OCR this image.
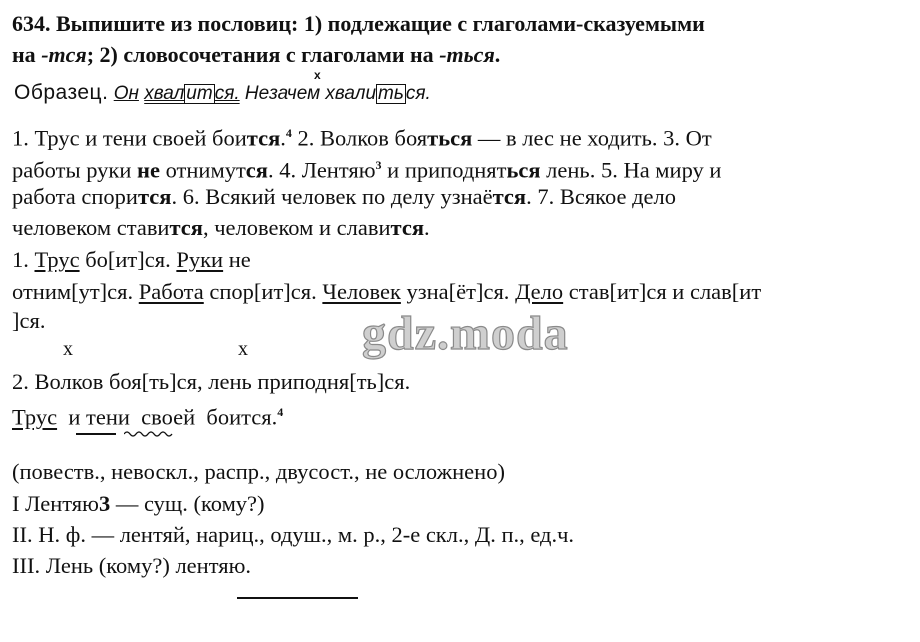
634. Выпишите из пословиц: 1) подлежащие с глаголами-сказуемыми
на -тся; 2) словосочетания с глаголами на -ться.
x
Образец. Он хвал ит ся. Незачем хвали ть ся.
1. Трус и тени своей боится.$^4$ 2. Волков бояться — в лес не ходить. 3. От
работы руки не отнимутся. 4. Лентяю$^3$ и приподняться лень. 5. На миру и
работа спорится. 6. Всякий человек по делу узнаётся. 7. Всякое дело
человеком ставится, человеком и славится.
1. Трус бо[ит]ся. Руки не
отним[ут]ся. Работа спор[ит]ся. Человек узна[ёт]ся. Дело став[ит]ся и слав[ит
]ся.	gdz.moda
x	x
2. Волков боя[ть]ся, лень приподня[ть]ся.
Трус и тени своей боится.$^4$
(повеств., невоскл., распр., двусост., не осложнено)
I Лентяю3 — сущ. (кому?)
II. Н. ф. — лентяй, нариц., одуш., м. р., 2-е скл., Д. п., ед.ч.
III. Лень (кому?) лентяю.
